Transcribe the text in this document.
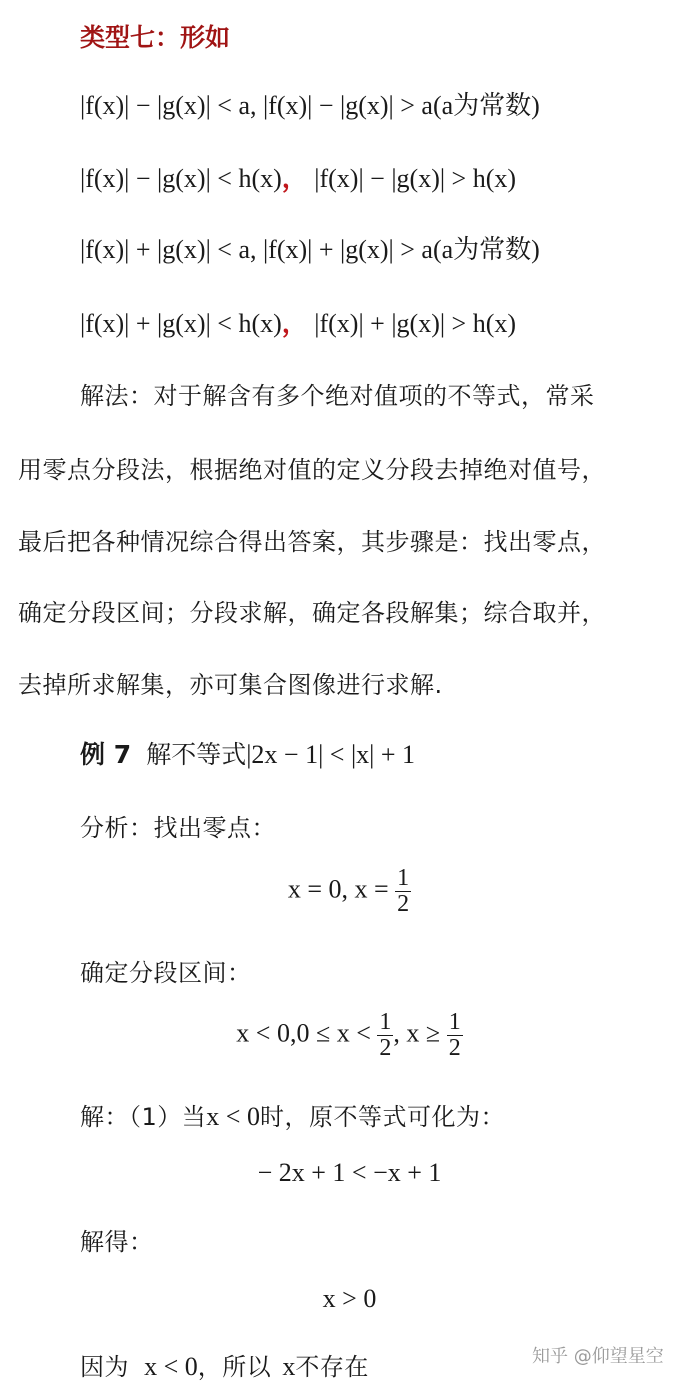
类型七：形如
|f(x)| − |g(x)| < a, |f(x)| − |g(x)| > a(a为常数)
|f(x)| − |g(x)| < h(x)， |f(x)| − |g(x)| > h(x)
|f(x)| + |g(x)| < a, |f(x)| + |g(x)| > a(a为常数)
|f(x)| + |g(x)| < h(x)， |f(x)| + |g(x)| > h(x)
解法：对于解含有多个绝对值项的不等式，常采
用零点分段法，根据绝对值的定义分段去掉绝对值号，
最后把各种情况综合得出答案，其步骤是：找出零点，
确定分段区间；分段求解，确定各段解集；综合取并，
去掉所求解集，亦可集合图像进行求解.
例 7 解不等式|2x − 1| < |x| + 1
分析：找出零点：
x = 0, $x = \frac{1}{2}$
确定分段区间：
$x < 0,0 \le x < \frac{1}{2}$ , $x \ge \frac{1}{2}$
解：（1）当x < 0时，原不等式可化为：
− 2x + 1 < −x + 1
解得：
x > 0
因为 x < 0，所以 x不存在	知乎 @仰望星空
